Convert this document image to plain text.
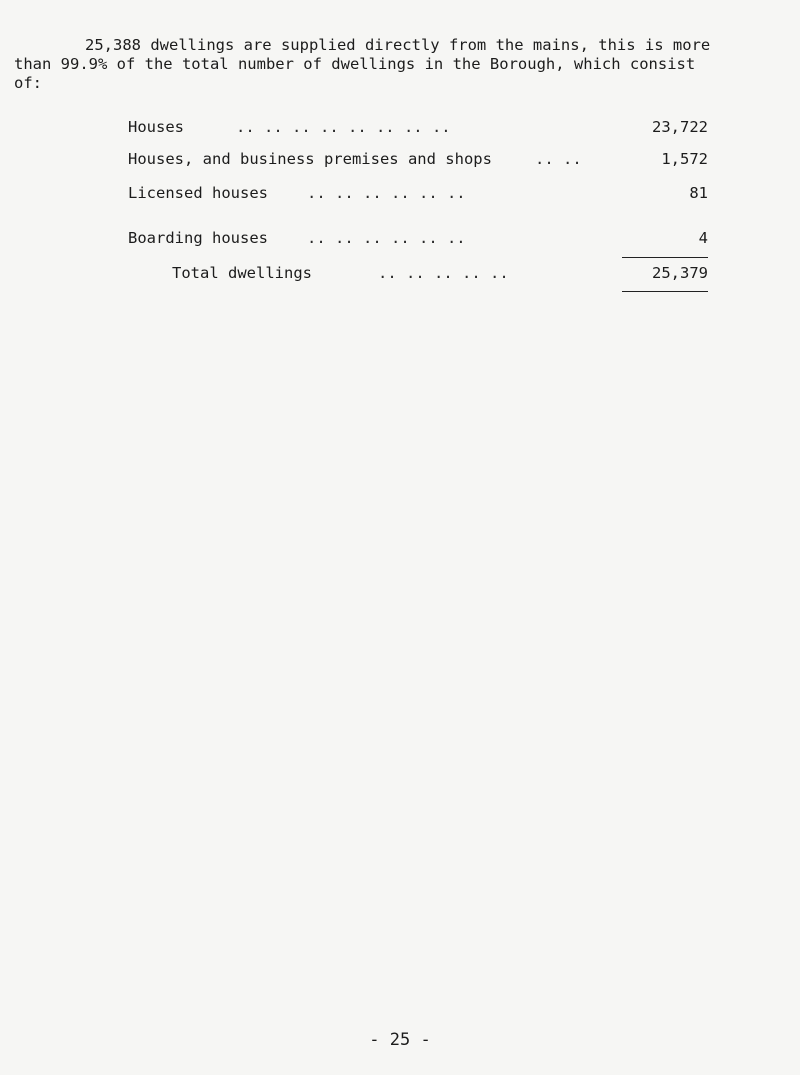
25,388 dwellings are supplied directly from the mains, this is more
than 99.9% of the total number of dwellings in the Borough, which consist
of:
Houses	.. .. .. .. .. .. .. ..	23,722
Houses, and business premises and shops	.. ..	1,572
Licensed houses	.. .. .. .. .. ..	81
Boarding houses	.. .. .. .. .. ..	4
Total dwellings	.. .. .. .. ..	25,379
- 25 -
